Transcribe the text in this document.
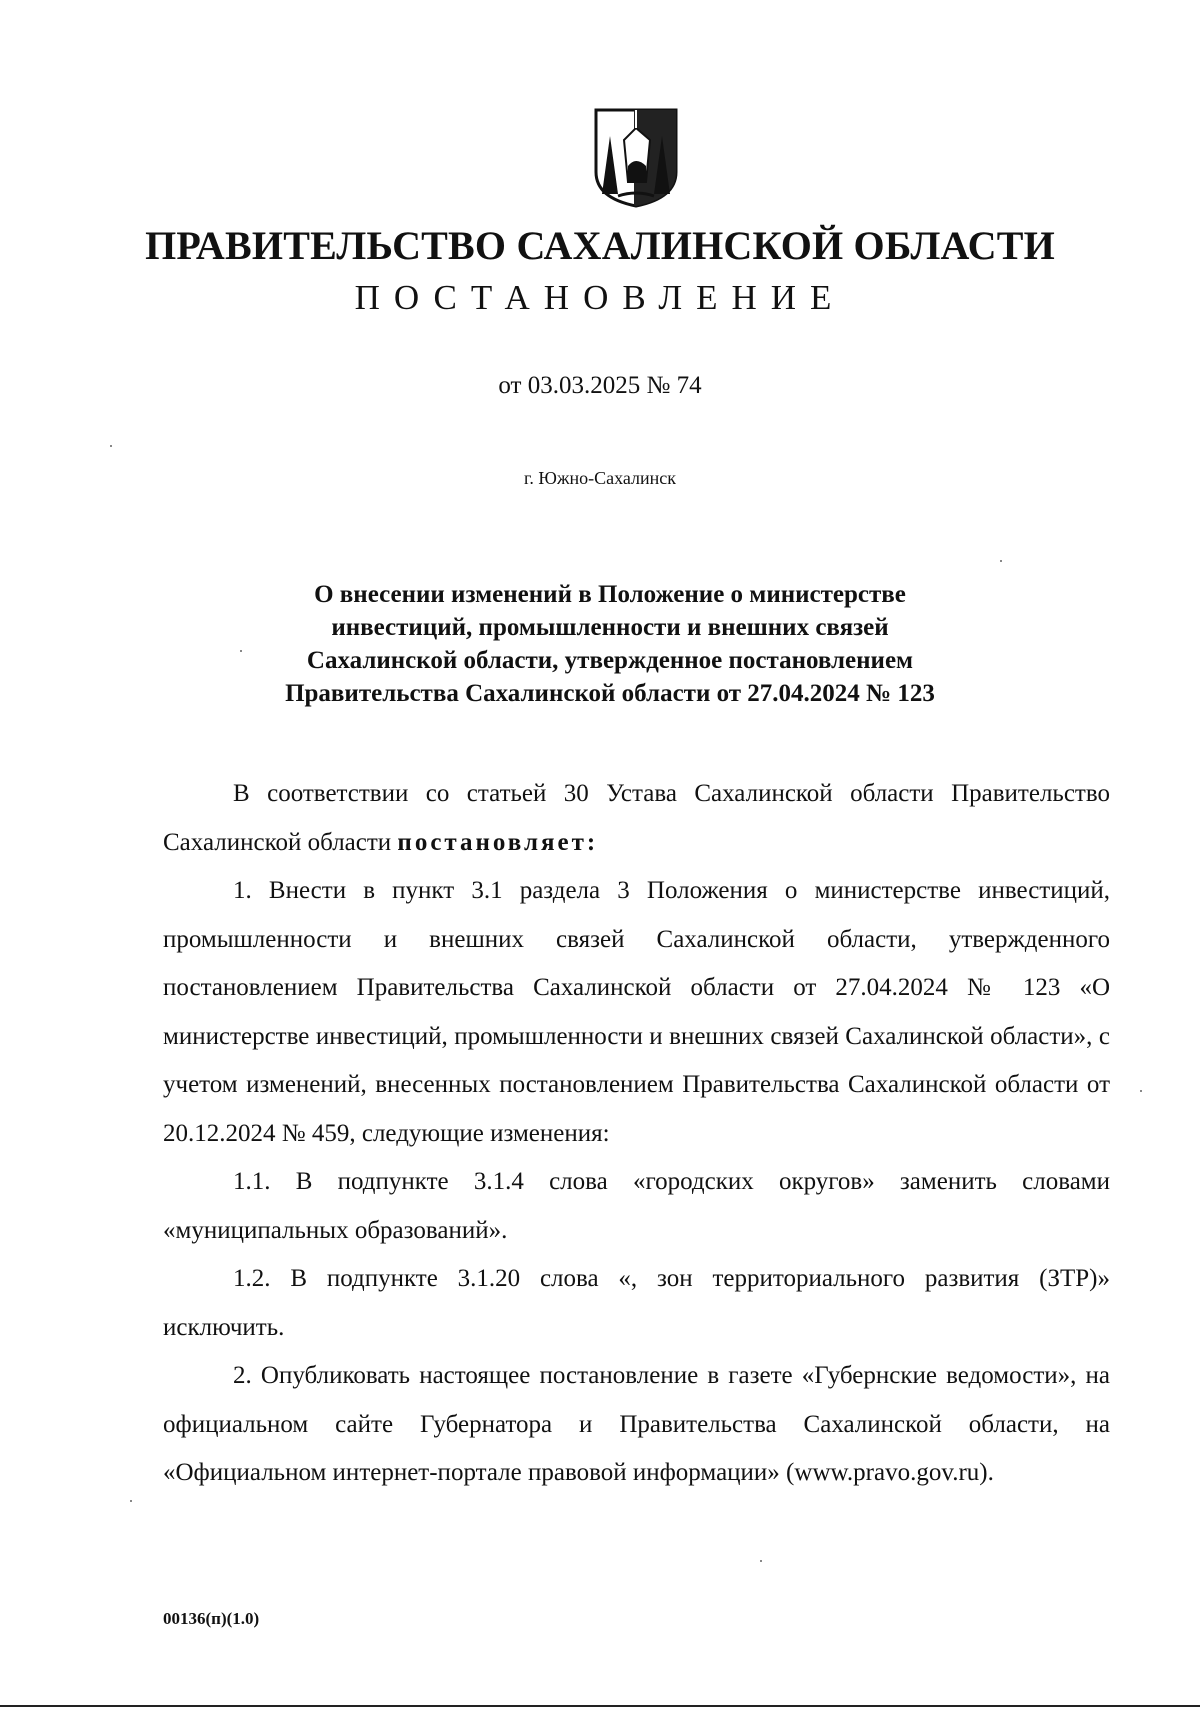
ПРАВИТЕЛЬСТВО САХАЛИНСКОЙ ОБЛАСТИ
ПОСТАНОВЛЕНИЕ
от 03.03.2025 № 74
г. Южно-Сахалинск
О внесении изменений в Положение о министерстве
инвестиций, промышленности и внешних связей
Сахалинской области, утвержденное постановлением
Правительства Сахалинской области от 27.04.2024 № 123

В соответствии со статьей 30 Устава Сахалинской области Правительство Сахалинской области постановляет:

1. Внести в пункт 3.1 раздела 3 Положения о министерстве инвестиций, промышленности и внешних связей Сахалинской области, утвержденного постановлением Правительства Сахалинской области от 27.04.2024 № 123 «О министерстве инвестиций, промышленности и внешних связей Сахалинской области», с учетом изменений, внесенных постановлением Правительства Сахалинской области от 20.12.2024 № 459, следующие изменения:

1.1. В подпункте 3.1.4 слова «городских округов» заменить словами «муниципальных образований».

1.2. В подпункте 3.1.20 слова «, зон территориального развития (ЗТР)» исключить.

2. Опубликовать настоящее постановление в газете «Губернские ведомости», на официальном сайте Губернатора и Правительства Сахалинской области, на «Официальном интернет-портале правовой информации» (www.pravo.gov.ru).

00136(п)(1.0)
